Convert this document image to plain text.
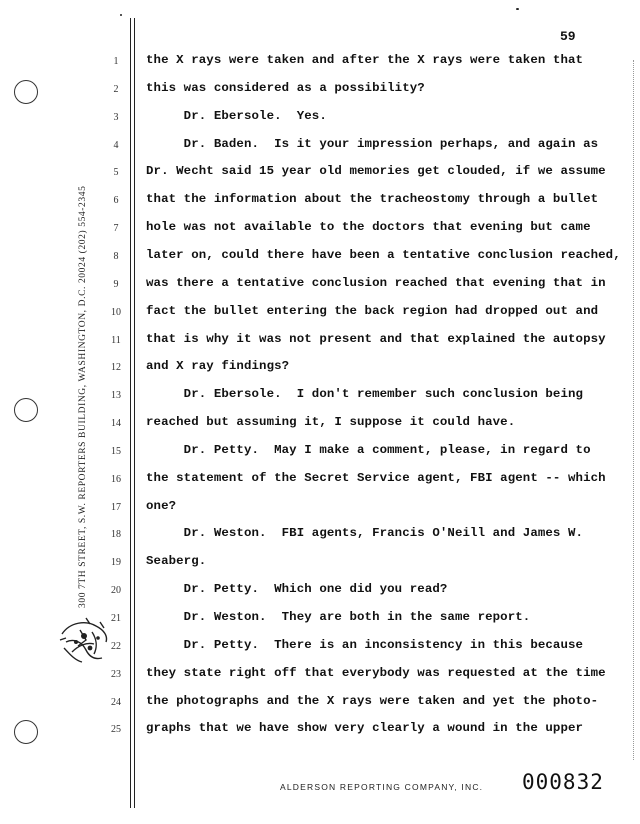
59
300 7TH STREET, S.W. REPORTERS BUILDING, WASHINGTON, D.C. 20024 (202) 554-2345
1	the X rays were taken and after the X rays were taken that
2	this was considered as a possibility?
3	Dr. Ebersole.  Yes.
4	Dr. Baden.  Is it your impression perhaps, and again as
5	Dr. Wecht said 15 year old memories get clouded, if we assume
6	that the information about the tracheostomy through a bullet
7	hole was not available to the doctors that evening but came
8	later on, could there have been a tentative conclusion reached,
9	was there a tentative conclusion reached that evening that in
10 fact the bullet entering the back region had dropped out and
11 that is why it was not present and that explained the autopsy
12 and X ray findings?
13 Dr. Ebersole.  I don't remember such conclusion being
14 reached but assuming it, I suppose it could have.
15 Dr. Petty.  May I make a comment, please, in regard to
16 the statement of the Secret Service agent, FBI agent -- which
17 one?
18 Dr. Weston.  FBI agents, Francis O'Neill and James W.
19 Seaberg.
20 Dr. Petty.  Which one did you read?
21 Dr. Weston.  They are both in the same report.
22 Dr. Petty.  There is an inconsistency in this because
23 they state right off that everybody was requested at the time
24 the photographs and the X rays were taken and yet the photo-
25 graphs that we have show very clearly a wound in the upper
ALDERSON REPORTING COMPANY, INC. 000832
